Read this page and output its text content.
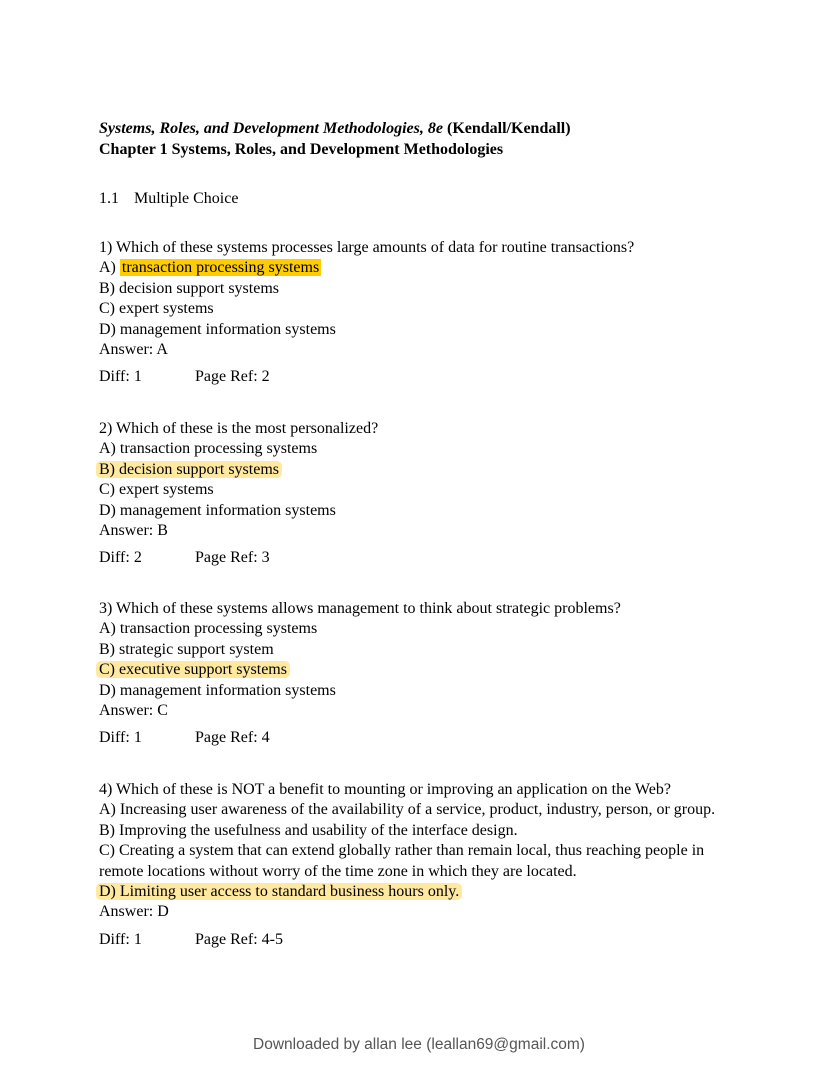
Systems, Roles, and Development Methodologies, 8e (Kendall/Kendall)
Chapter 1 Systems, Roles, and Development Methodologies
1.1 Multiple Choice
1) Which of these systems processes large amounts of data for routine transactions?
A) transaction processing systems
B) decision support systems
C) expert systems
D) management information systems
Answer: A
Diff: 1	Page Ref: 2
2) Which of these is the most personalized?
A) transaction processing systems
B) decision support systems
C) expert systems
D) management information systems
Answer: B
Diff: 2	Page Ref: 3
3) Which of these systems allows management to think about strategic problems?
A) transaction processing systems
B) strategic support system
C) executive support systems
D) management information systems
Answer: C
Diff: 1	Page Ref: 4
4) Which of these is NOT a benefit to mounting or improving an application on the Web?
A) Increasing user awareness of the availability of a service, product, industry, person, or group.
B) Improving the usefulness and usability of the interface design.
C) Creating a system that can extend globally rather than remain local, thus reaching people in
remote locations without worry of the time zone in which they are located.
D) Limiting user access to standard business hours only.
Answer: D
Diff: 1	Page Ref: 4-5
Downloaded by allan lee (leallan69@gmail.com)
